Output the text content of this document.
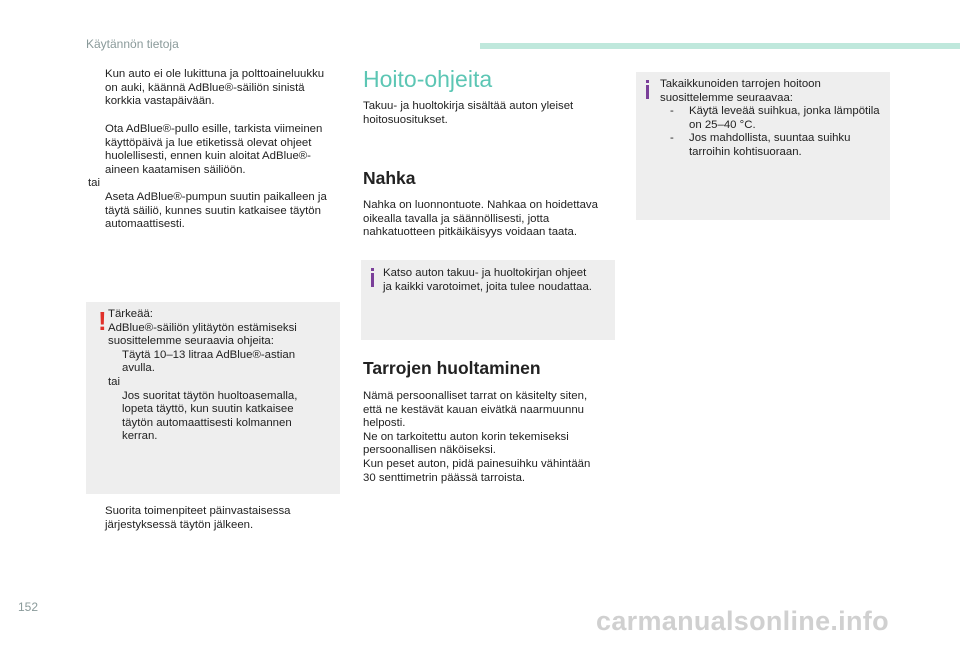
Käytännön tietoja

Kun auto ei ole lukittuna ja polttoaineluukku

on auki, käännä AdBlue®-säiliön sinistä

korkkia vastapäivään.

Ota AdBlue®-pullo esille, tarkista viimeinen

käyttöpäivä ja lue etiketissä olevat ohjeet

huolellisesti, ennen kuin aloitat AdBlue®-

aineen kaatamisen säiliöön.

tai

Aseta AdBlue®-pumpun suutin paikalleen ja

täytä säiliö, kunnes suutin katkaisee täytön

automaattisesti.

! Tärkeää:

AdBlue®-säiliön ylitäytön estämiseksi

suosittelemme seuraavia ohjeita:

Täytä 10–13 litraa AdBlue®-astian

avulla.

tai

Jos suoritat täytön huoltoasemalla,

lopeta täyttö, kun suutin katkaisee

täytön automaattisesti kolmannen

kerran.

Suorita toimenpiteet päinvastaisessa

järjestyksessä täytön jälkeen.

Hoito-ohjeita

Takuu- ja huoltokirja sisältää auton yleiset

hoitosuositukset.

Nahka

Nahka on luonnontuote. Nahkaa on hoidettava

oikealla tavalla ja säännöllisesti, jotta

nahkatuotteen pitkäikäisyys voidaan taata.

Katso auton takuu- ja huoltokirjan ohjeet

ja kaikki varotoimet, joita tulee noudattaa.

Tarrojen huoltaminen

Nämä persoonalliset tarrat on käsitelty siten,

että ne kestävät kauan eivätkä naarmuunnu

helposti.

Ne on tarkoitettu auton korin tekemiseksi

persoonallisen näköiseksi.

Kun peset auton, pidä painesuihku vähintään

30 senttimetrin päässä tarroista.

Takaikkunoiden tarrojen hoitoon

suosittelemme seuraavaa:

- Käytä leveää suihkua, jonka lämpötila

on 25–40 °C.

- Jos mahdollista, suuntaa suihku

tarroihin kohtisuoraan.

152	carmanualsonline.info
